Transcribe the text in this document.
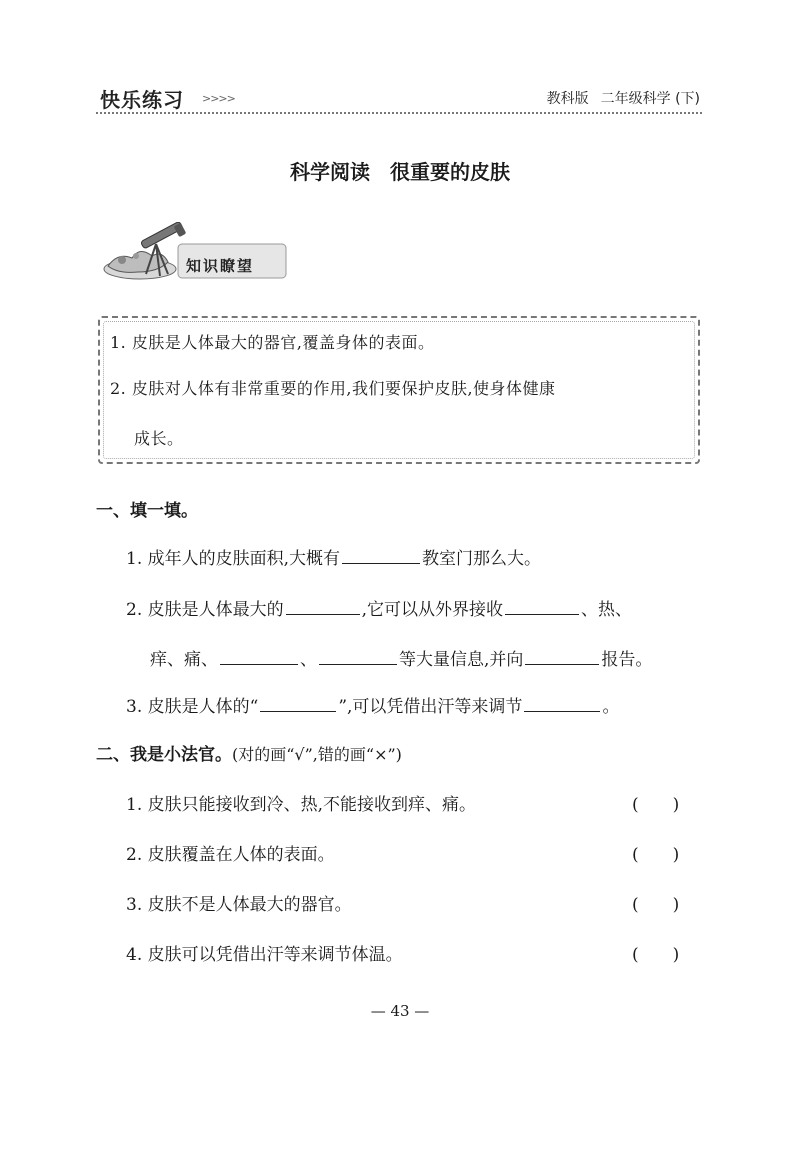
快乐练习 >>>>	教科版 二年级科学 (下)
科学阅读　很重要的皮肤
知识瞭望
1. 皮肤是人体最大的器官,覆盖身体的表面。
2. 皮肤对人体有非常重要的作用,我们要保护皮肤,使身体健康
成长。
一、填一填。
1. 成年人的皮肤面积,大概有	教室门那么大。
2. 皮肤是人体最大的	,它可以从外界接收	、热、
痒、痛、	、	等大量信息,并向	报告。
3. 皮肤是人体的“	”,可以凭借出汗等来调节	。
二、我是小法官。(对的画“√”,错的画“×”)
1. 皮肤只能接收到冷、热,不能接收到痒、痛。	(　　)
2. 皮肤覆盖在人体的表面。	(　　)
3. 皮肤不是人体最大的器官。	(　　)
4. 皮肤可以凭借出汗等来调节体温。	(　　)
— 43 —
